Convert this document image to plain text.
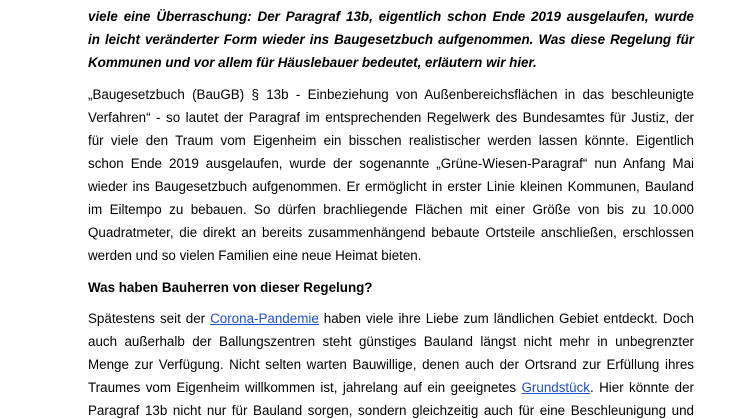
viele eine Überraschung: Der Paragraf 13b, eigentlich schon Ende 2019 ausgelaufen, wurde
in leicht veränderter Form wieder ins Baugesetzbuch aufgenommen. Was diese Regelung für
Kommunen und vor allem für Häuslebauer bedeutet, erläutern wir hier.
„Baugesetzbuch (BauGB) § 13b - Einbeziehung von Außenbereichsflächen in das beschleunigte
Verfahren“ - so lautet der Paragraf im entsprechenden Regelwerk des Bundesamtes für Justiz, der
für viele den Traum vom Eigenheim ein bisschen realistischer werden lassen könnte. Eigentlich
schon Ende 2019 ausgelaufen, wurde der sogenannte „Grüne-Wiesen-Paragraf“ nun Anfang Mai
wieder ins Baugesetzbuch aufgenommen. Er ermöglicht in erster Linie kleinen Kommunen, Bauland
im Eiltempo zu bebauen. So dürfen brachliegende Flächen mit einer Größe von bis zu 10.000
Quadratmeter, die direkt an bereits zusammenhängend bebaute Ortsteile anschließen, erschlossen
werden und so vielen Familien eine neue Heimat bieten.
Was haben Bauherren von dieser Regelung?
Spätestens seit der Corona-Pandemie haben viele ihre Liebe zum ländlichen Gebiet entdeckt. Doch
auch außerhalb der Ballungszentren steht günstiges Bauland längst nicht mehr in unbegrenzter
Menge zur Verfügung. Nicht selten warten Bauwillige, denen auch der Ortsrand zur Erfüllung ihres
Traumes vom Eigenheim willkommen ist, jahrelang auf ein geeignetes Grundstück. Hier könnte der
Paragraf 13b nicht nur für Bauland sorgen, sondern gleichzeitig auch für eine Beschleunigung und
